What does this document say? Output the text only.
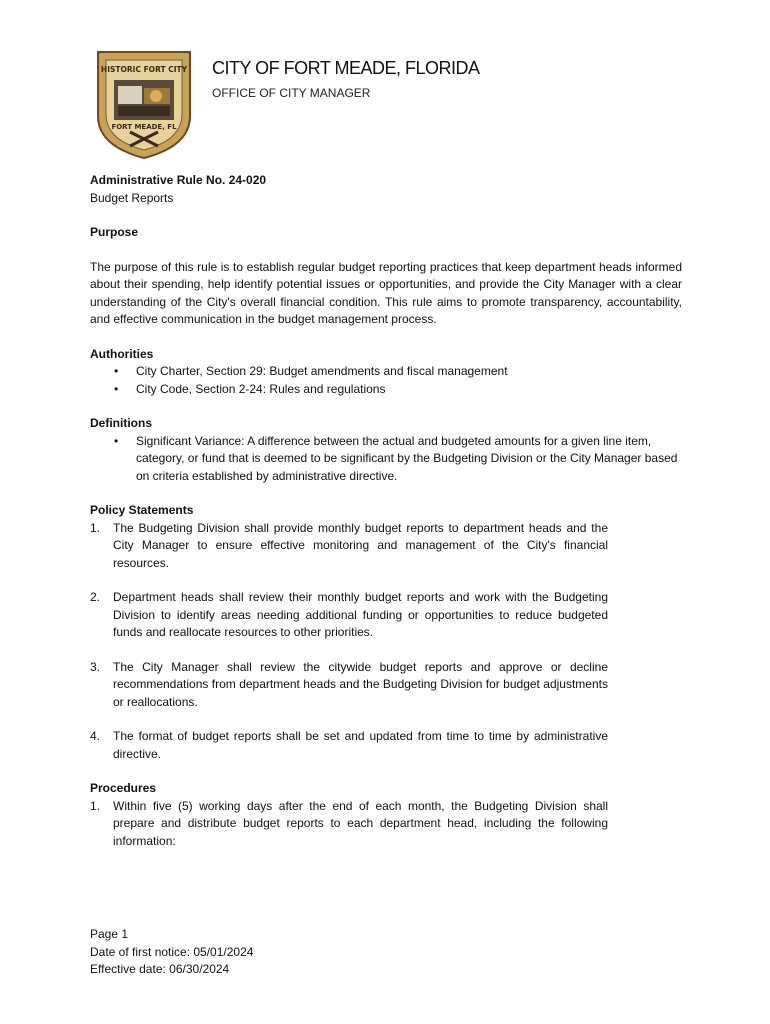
HISTORIC FORT CITY
FORT MEADE, FL
CITY OF FORT MEADE, FLORIDA
OFFICE OF CITY MANAGER

Administrative Rule No. 24-020

Budget Reports

Purpose

The purpose of this rule is to establish regular budget reporting practices that keep department heads informed about their spending, help identify potential issues or opportunities, and provide the City Manager with a clear understanding of the City's overall financial condition. This rule aims to promote transparency, accountability, and effective communication in the budget management process.

Authorities

• City Charter, Section 29: Budget amendments and fiscal management
• City Code, Section 2-24: Rules and regulations

Definitions

• Significant Variance: A difference between the actual and budgeted amounts for a given line item, category, or fund that is deemed to be significant by the Budgeting Division or the City Manager based on criteria established by administrative directive.

Policy Statements

1. The Budgeting Division shall provide monthly budget reports to department heads and the City Manager to ensure effective monitoring and management of the City's financial resources.
2. Department heads shall review their monthly budget reports and work with the Budgeting Division to identify areas needing additional funding or opportunities to reduce budgeted funds and reallocate resources to other priorities.
3. The City Manager shall review the citywide budget reports and approve or decline recommendations from department heads and the Budgeting Division for budget adjustments or reallocations.
4. The format of budget reports shall be set and updated from time to time by administrative directive.

Procedures

1. Within five (5) working days after the end of each month, the Budgeting Division shall prepare and distribute budget reports to each department head, including the following information:
Page 1
Date of first notice: 05/01/2024
Effective date: 06/30/2024
